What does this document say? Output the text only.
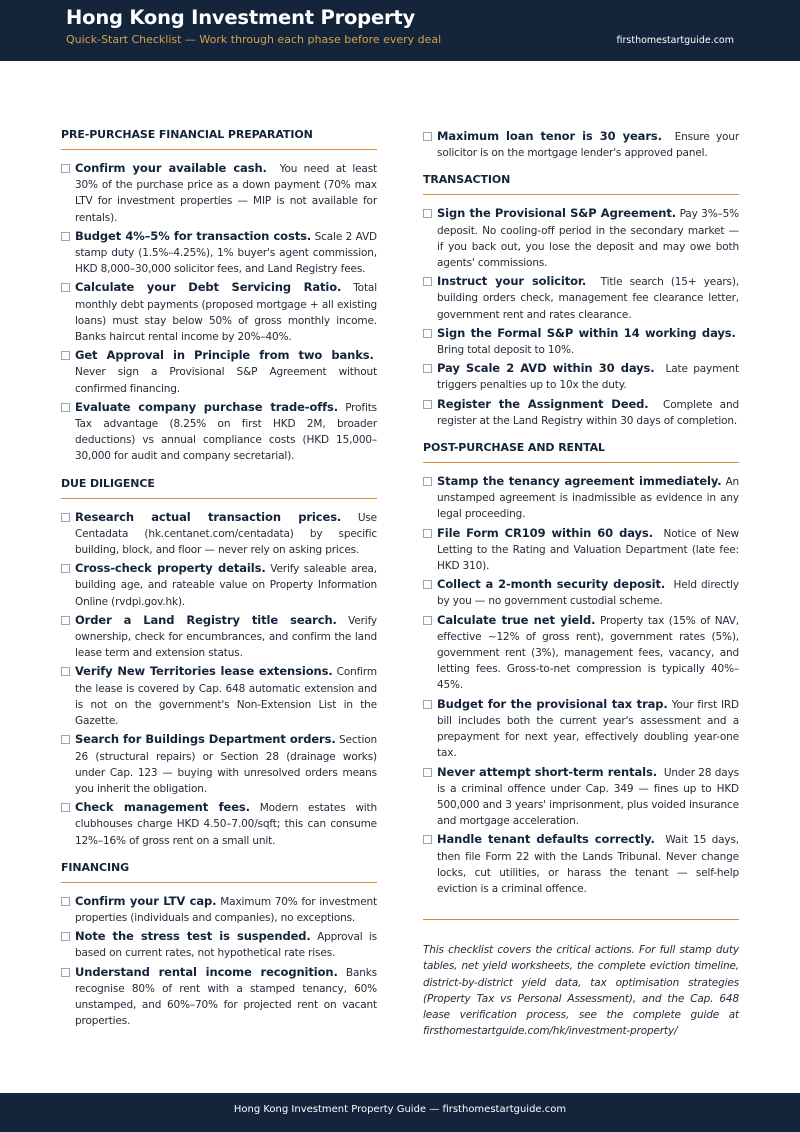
Hong Kong Investment Property
Quick-Start Checklist — Work through each phase before every deal	firsthomestartguide.com
PRE-PURCHASE FINANCIAL PREPARATION
Confirm your available cash. You need at least 30% of the purchase price as a down payment (70% max LTV for investment properties — MIP is not available for rentals).
Budget 4%–5% for transaction costs. Scale 2 AVD stamp duty (1.5%–4.25%), 1% buyer's agent commission, HKD 8,000–30,000 solicitor fees, and Land Registry fees.
Calculate your Debt Servicing Ratio. Total monthly debt payments (proposed mortgage + all existing loans) must stay below 50% of gross monthly income. Banks haircut rental income by 20%–40%.
Get Approval in Principle from two banks.  Never sign a Provisional S&P Agreement without confirmed financing.
Evaluate company purchase trade-offs. Profits Tax advantage (8.25% on first HKD 2M, broader deductions) vs annual compliance costs (HKD 15,000–30,000 for audit and company secretarial).
DUE DILIGENCE
Research actual transaction prices. Use Centadata (hk.centanet.com/centadata) by specific building, block, and floor — never rely on asking prices.
Cross-check property details. Verify saleable area, building age, and rateable value on Property Information Online (rvdpi.gov.hk).
Order a Land Registry title search. Verify ownership, check for encumbrances, and confirm the land lease term and extension status.
Verify New Territories lease extensions. Confirm the lease is covered by Cap. 648 automatic extension and is not on the government's Non-Extension List in the Gazette.
Search for Buildings Department orders. Section 26 (structural repairs) or Section 28 (drainage works) under Cap. 123 — buying with unresolved orders means you inherit the obligation.
Check management fees. Modern estates with clubhouses charge HKD 4.50–7.00/sqft; this can consume 12%–16% of gross rent on a small unit.
FINANCING
Confirm your LTV cap. Maximum 70% for investment properties (individuals and companies), no exceptions.
Note the stress test is suspended. Approval is based on current rates, not hypothetical rate rises.
Understand rental income recognition. Banks recognise 80% of rent with a stamped tenancy, 60% unstamped, and 60%–70% for projected rent on vacant properties.
Maximum loan tenor is 30 years. Ensure your solicitor is on the mortgage lender's approved panel.
TRANSACTION
Sign the Provisional S&P Agreement. Pay 3%–5% deposit. No cooling-off period in the secondary market — if you back out, you lose the deposit and may owe both agents' commissions.
Instruct your solicitor. Title search (15+ years), building orders check, management fee clearance letter, government rent and rates clearance.
Sign the Formal S&P within 14 working days.  Bring total deposit to 10%.
Pay Scale 2 AVD within 30 days. Late payment triggers penalties up to 10x the duty.
Register the Assignment Deed. Complete and register at the Land Registry within 30 days of completion.
POST-PURCHASE AND RENTAL
Stamp the tenancy agreement immediately. An unstamped agreement is inadmissible as evidence in any legal proceeding.
File Form CR109 within 60 days. Notice of New Letting to the Rating and Valuation Department (late fee: HKD 310).
Collect a 2-month security deposit. Held directly by you — no government custodial scheme.
Calculate true net yield. Property tax (15% of NAV, effective ∼12% of gross rent), government rates (5%), government rent (3%), management fees, vacancy, and letting fees. Gross-to-net compression is typically 40%–45%.
Budget for the provisional tax trap. Your first IRD bill includes both the current year's assessment and a prepayment for next year, effectively doubling year-one tax.
Never attempt short-term rentals. Under 28 days is a criminal offence under Cap. 349 — fines up to HKD 500,000 and 3 years' imprisonment, plus voided insurance and mortgage acceleration.
Handle tenant defaults correctly. Wait 15 days, then file Form 22 with the Lands Tribunal. Never change locks, cut utilities, or harass the tenant — self-help eviction is a criminal offence.
This checklist covers the critical actions. For full stamp duty tables, net yield worksheets, the complete eviction timeline, district-by-district yield data, tax optimisation strategies (Property Tax vs Personal Assessment), and the Cap. 648 lease verification process, see the complete guide at firsthomestartguide.com/hk/investment-property/
Hong Kong Investment Property Guide — firsthomestartguide.com
